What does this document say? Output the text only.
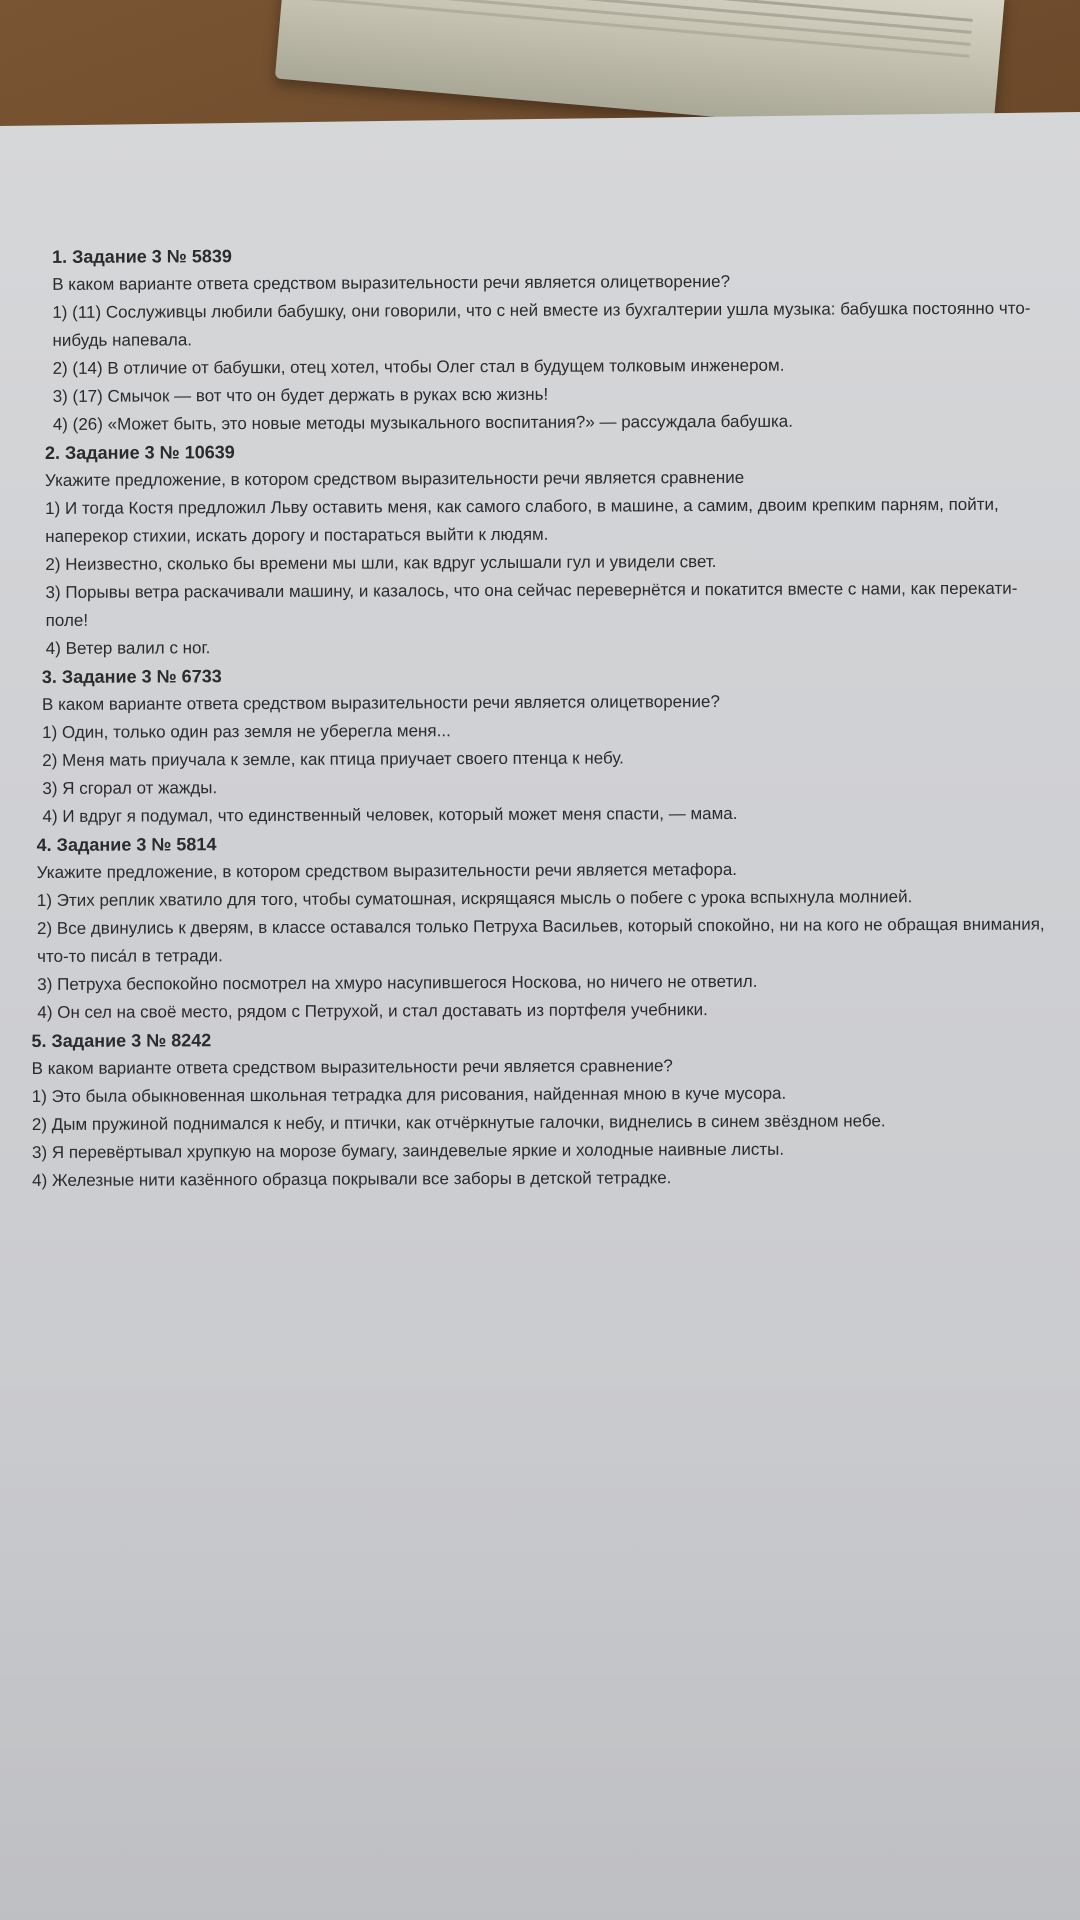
1. Задание 3 № 5839

В каком варианте ответа средством выразительности речи является олицетворение?

1) (11) Сослуживцы любили бабушку, они говорили, что с ней вместе из бухгалтерии ушла музыка: бабушка постоянно что-нибудь напевала.

2) (14) В отличие от бабушки, отец хотел, чтобы Олег стал в будущем толковым инженером.

3) (17) Смычок — вот что он будет держать в руках всю жизнь!

4) (26) «Может быть, это новые методы музыкального воспитания?» — рассуждала бабушка.

2. Задание 3 № 10639

Укажите предложение, в котором средством выразительности речи является сравнение

1) И тогда Костя предложил Льву оставить меня, как самого слабого, в машине, а самим, двоим крепким парням, пойти, наперекор стихии, искать дорогу и постараться выйти к людям.

2) Неизвестно, сколько бы времени мы шли, как вдруг услышали гул и увидели свет.

3) Порывы ветра раскачивали машину, и казалось, что она сейчас перевернётся и покатится вместе с нами, как перекати-поле!

4) Ветер валил с ног.

3. Задание 3 № 6733

В каком варианте ответа средством выразительности речи является олицетворение?

1) Один, только один раз земля не уберегла меня...

2) Меня мать приучала к земле, как птица приучает своего птенца к небу.

3) Я сгорал от жажды.

4) И вдруг я подумал, что единственный человек, который может меня спасти, — мама.

4. Задание 3 № 5814

Укажите предложение, в котором средством выразительности речи является метафора.

1) Этих реплик хватило для того, чтобы суматошная, искрящаяся мысль о побеге с урока вспыхнула молнией.

2) Все двинулись к дверям, в классе оставался только Петруха Васильев, который спокойно, ни на кого не обращая внимания, что-то писа́л в тетради.

3) Петруха беспокойно посмотрел на хмуро насупившегося Носкова, но ничего не ответил.

4) Он сел на своё место, рядом с Петрухой, и стал доставать из портфеля учебники.

5. Задание 3 № 8242

В каком варианте ответа средством выразительности речи является сравнение?

1) Это была обыкновенная школьная тетрадка для рисования, найденная мною в куче мусора.

2) Дым пружиной поднимался к небу, и птички, как отчёркнутые галочки, виднелись в синем звёздном небе.

3) Я перевёртывал хрупкую на морозе бумагу, заиндевелые яркие и холодные наивные листы.

4) Железные нити казённого образца покрывали все заборы в детской тетрадке.
